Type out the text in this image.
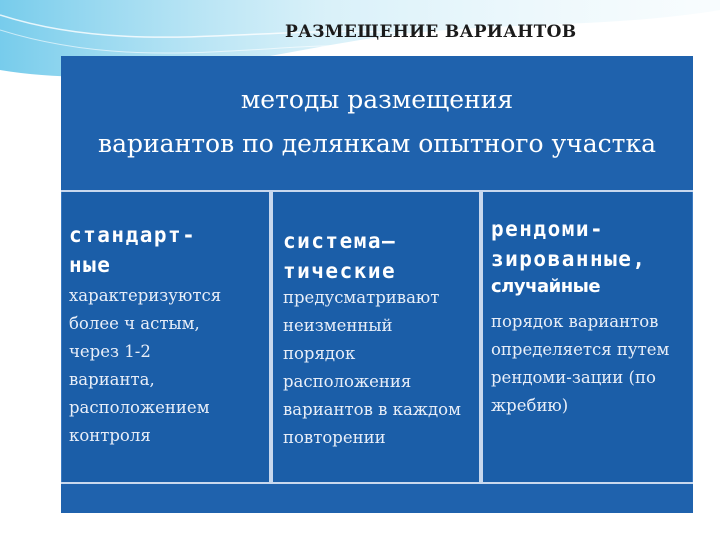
РАЗМЕЩЕНИЕ ВАРИАНТОВ
методы размещения
вариантов по делянкам опытного участка
стандарт-
ные
характеризуются
более ч астым,
через 1-2
варианта,
расположением
контроля
система–
тические
предусматривают
неизменный
порядок
расположения
вариантов в каждом
повторении
рендоми-
зированные,
случайные
порядок вариантов
определяется путем
рендоми-зации (по
жребию)
